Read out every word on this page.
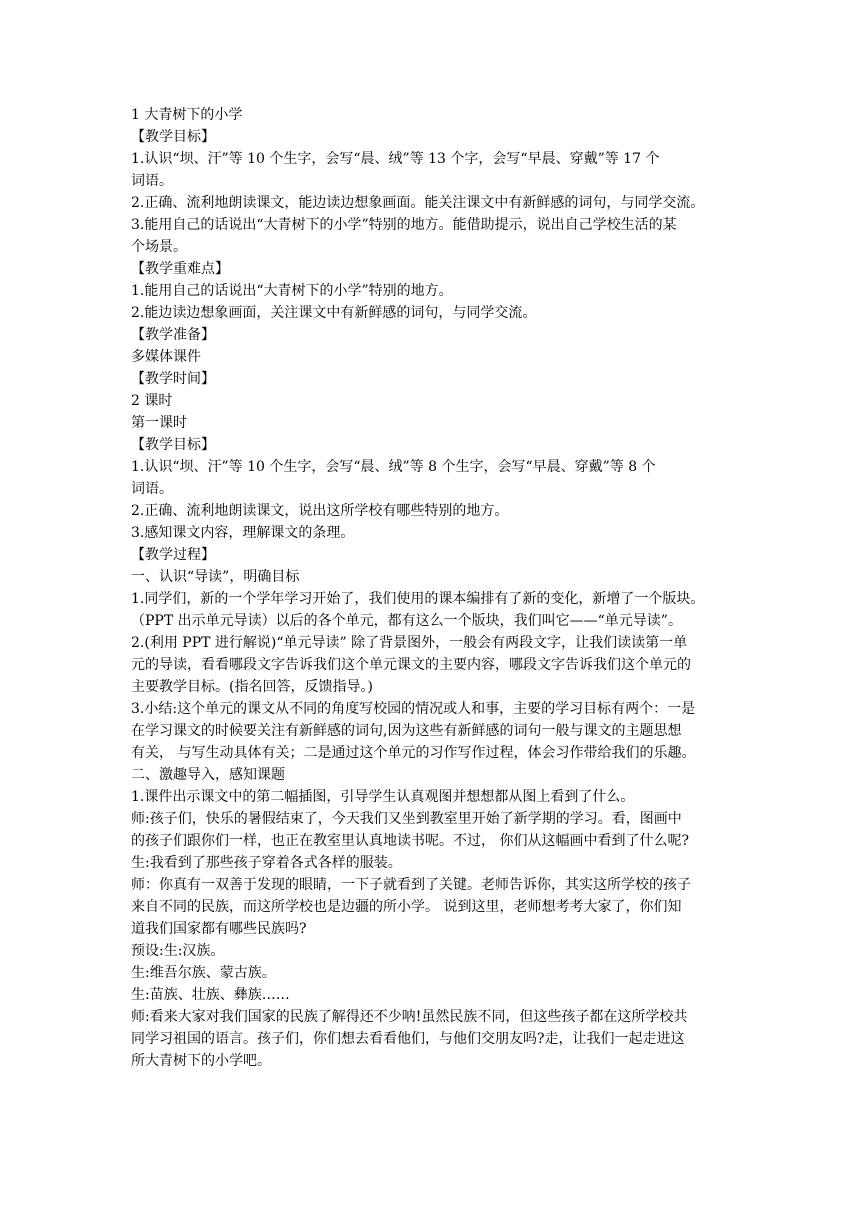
1 大青树下的小学
【教学目标】
1.认识“坝、汗”等 10 个生字，会写“晨、绒”等 13 个字，会写“早晨、穿戴”等 17 个
词语。
2.正确、流利地朗读课文，能边读边想象画面。能关注课文中有新鲜感的词句，与同学交流。
3.能用自己的话说出“大青树下的小学”特别的地方。能借助提示，说出自己学校生活的某
个场景。
【教学重难点】
1.能用自己的话说出“大青树下的小学”特别的地方。
2.能边读边想象画面，关注课文中有新鲜感的词句，与同学交流。
【教学准备】
多媒体课件
【教学时间】
2 课时
第一课时
【教学目标】
1.认识“坝、汗”等 10 个生字，会写“晨、绒”等 8 个生字，会写“早晨、穿戴”等 8 个
词语。
2.正确、流利地朗读课文，说出这所学校有哪些特别的地方。
3.感知课文内容，理解课文的条理。
【教学过程】
一、认识“导读”，明确目标
1.同学们，新的一个学年学习开始了，我们使用的课本编排有了新的变化，新增了一个版块。
（PPT 出示单元导读）以后的各个单元，都有这么一个版块，我们叫它——“单元导读”。
2.(利用 PPT 进行解说)“单元导读” 除了背景图外，一般会有两段文字，让我们读读第一单
元的导读，看看哪段文字告诉我们这个单元课文的主要内容，哪段文字告诉我们这个单元的
主要教学目标。(指名回答，反馈指导。)
3.小结:这个单元的课文从不同的角度写校园的情况或人和事，主要的学习目标有两个：一是
在学习课文的时候要关注有新鲜感的词句,因为这些有新鲜感的词句一般与课文的主题思想
有关， 与写生动具体有关；二是通过这个单元的习作写作过程，体会习作带给我们的乐趣。
二、激趣导入，感知课题
1.课件出示课文中的第二幅插图，引导学生认真观图并想想都从图上看到了什么。
师:孩子们，快乐的暑假结束了，今天我们又坐到教室里开始了新学期的学习。看，图画中
的孩子们跟你们一样，也正在教室里认真地读书呢。不过， 你们从这幅画中看到了什么呢?
生:我看到了那些孩子穿着各式各样的服装。
师：你真有一双善于发现的眼睛，一下子就看到了关键。老师告诉你，其实这所学校的孩子
来自不同的民族，而这所学校也是边疆的所小学。 说到这里，老师想考考大家了，你们知
道我们国家都有哪些民族吗?
预设:生:汉族。
生:维吾尔族、蒙古族。
生:苗族、壮族、彝族……
师:看来大家对我们国家的民族了解得还不少呐!虽然民族不同，但这些孩子都在这所学校共
同学习祖国的语言。孩子们，你们想去看看他们，与他们交朋友吗?走，让我们一起走进这
所大青树下的小学吧。
